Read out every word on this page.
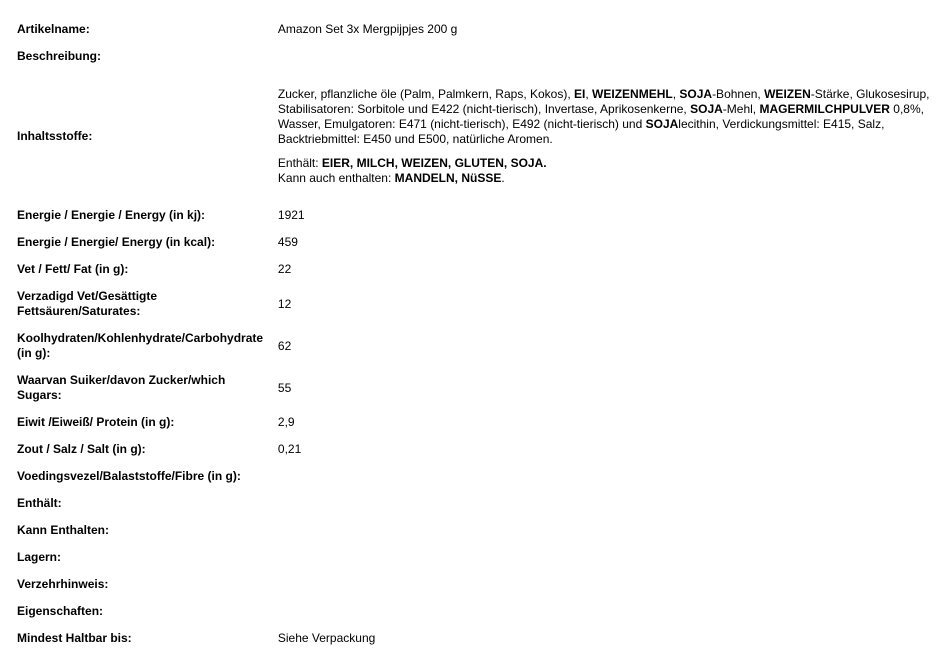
Artikelname:	Amazon Set 3x Mergpijpjes 200 g
Beschreibung:	
Inhaltsstoffe:	Zucker, pflanzliche öle (Palm, Palmkern, Raps, Kokos), EI, WEIZENMEHL, SOJA-Bohnen, WEIZEN-Stärke, Glukosesirup, Stabilisatoren: Sorbitole und E422 (nicht-tierisch), Invertase, Aprikosenkerne, SOJA-Mehl, MAGERMILCHPULVER 0,8%, Wasser, Emulgatoren: E471 (nicht-tierisch), E492 (nicht-tierisch) und SOJAlecithin, Verdickungsmittel: E415, Salz, Backtriebmittel: E450 und E500, natürliche Aromen.

Enthält: EIER, MILCH, WEIZEN, GLUTEN, SOJA.

Kann auch enthalten: MANDELN, NüSSE.

Energie / Energie / Energy (in kj):	1921
Energie / Energie/ Energy (in kcal):	459
Vet / Fett/ Fat (in g):	22
Verzadigd Vet/Gesättigte Fettsäuren/Saturates:	12
Koolhydraten/Kohlenhydrate/Carbohydrate (in g):	62
Waarvan Suiker/davon Zucker/which Sugars:	55
Eiwit /Eiweiß/ Protein (in g):	2,9
Zout / Salz / Salt (in g):	0,21
Voedingsvezel/Balaststoffe/Fibre (in g):	
Enthält:	
Kann Enthalten:	
Lagern:	
Verzehrhinweis:	
Eigenschaften:	
Mindest Haltbar bis:	Siehe Verpackung
